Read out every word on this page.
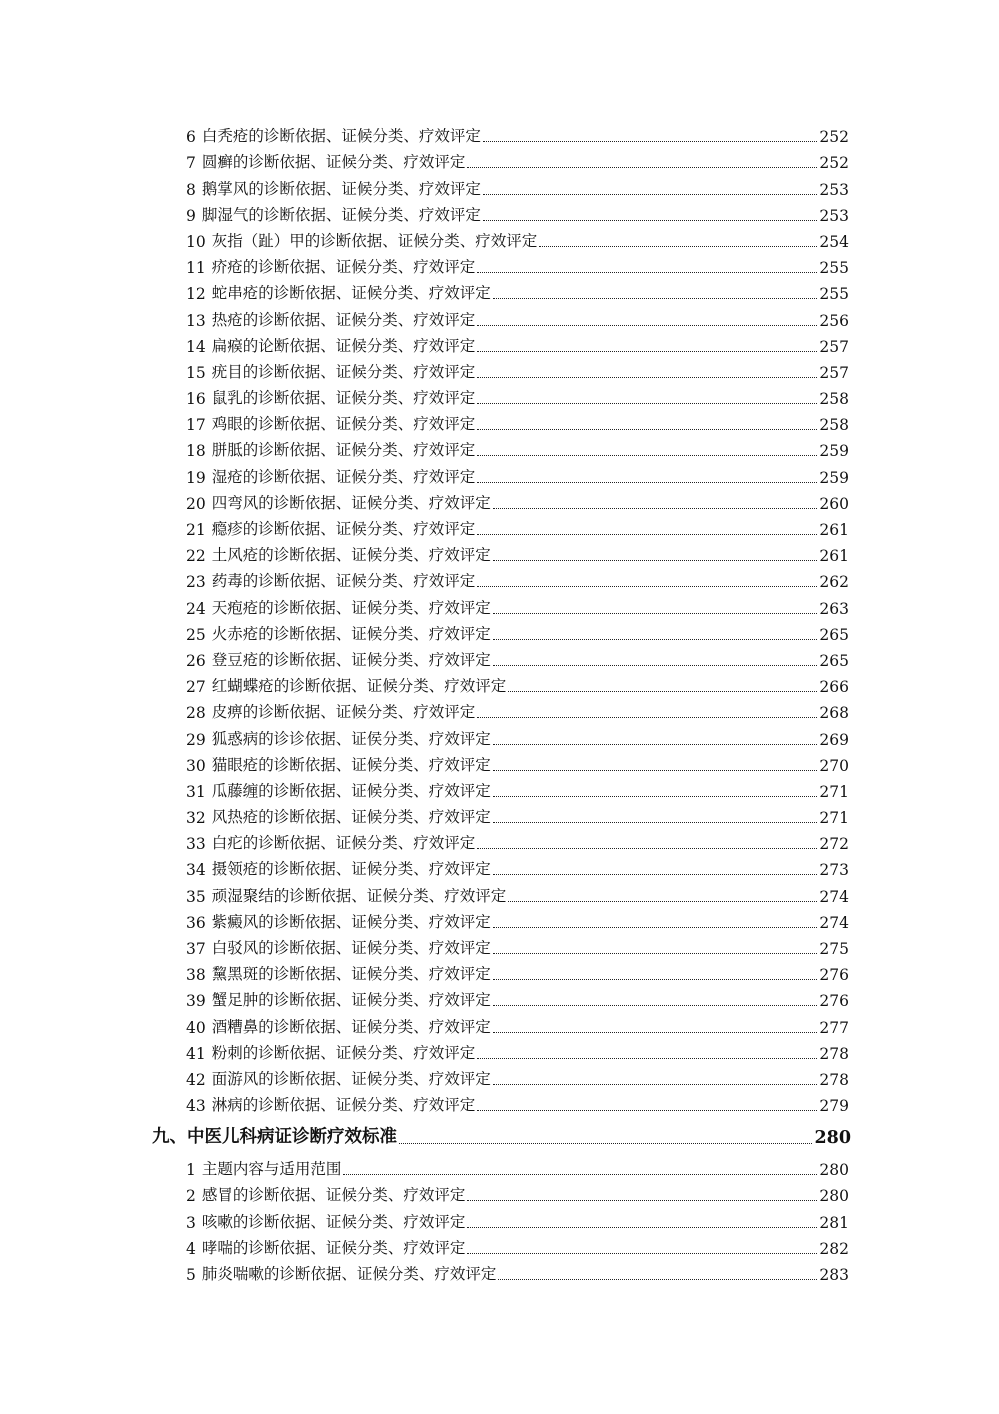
6 白秃疮的诊断依据、证候分类、疗效评定	252
7 圆癣的诊断依据、证候分类、疗效评定	252
8 鹅掌风的诊断依据、证候分类、疗效评定	253
9 脚湿气的诊断依据、证候分类、疗效评定	253
10 灰指（趾）甲的诊断依据、证候分类、疗效评定	254
11 疥疮的诊断依据、证候分类、疗效评定	255
12 蛇串疮的诊断依据、证候分类、疗效评定	255
13 热疮的诊断依据、证候分类、疗效评定	256
14 扁瘊的论断依据、证候分类、疗效评定	257
15 疣目的诊断依据、证候分类、疗效评定	257
16 鼠乳的诊断依据、证候分类、疗效评定	258
17 鸡眼的诊断依据、证候分类、疗效评定	258
18 胼胝的诊断依据、证候分类、疗效评定	259
19 湿疮的诊断依据、证候分类、疗效评定	259
20 四弯风的诊断依据、证候分类、疗效评定	260
21 瘾疹的诊断依据、证候分类、疗效评定	261
22 土风疮的诊断依据、证候分类、疗效评定	261
23 药毒的诊断依据、证候分类、疗效评定	262
24 天疱疮的诊断依据、证候分类、疗效评定	263
25 火赤疮的诊断依据、证候分类、疗效评定	265
26 登豆疮的诊断依据、证候分类、疗效评定	265
27 红蝴蝶疮的诊断依据、证候分类、疗效评定	266
28 皮痹的诊断依据、证候分类、疗效评定	268
29 狐惑病的诊诊依据、证侯分类、疗效评定	269
30 猫眼疮的诊断依据、证候分类、疗效评定	270
31 瓜藤缠的诊断依据、证候分类、疗效评定	271
32 风热疮的诊断依据、证候分类、疗效评定	271
33 白疕的诊断依据、证候分类、疗效评定	272
34 摄领疮的诊断依据、证候分类、疗效评定	273
35 顽湿聚结的诊断依据、证候分类、疗效评定	274
36 紫癜风的诊断依据、证候分类、疗效评定	274
37 白驳风的诊断依据、证候分类、疗效评定	275
38 黧黑斑的诊断依据、证候分类、疗效评定	276
39 蟹足肿的诊断依据、证候分类、疗效评定	276
40 酒糟鼻的诊断依据、证候分类、疗效评定	277
41 粉刺的诊断依据、证候分类、疗效评定	278
42 面游风的诊断依据、证候分类、疗效评定	278
43 淋病的诊断依据、证候分类、疗效评定	279
九、中医儿科病证诊断疗效标准	280
1 主题内容与适用范围	280
2 感冒的诊断依据、证候分类、疗效评定	280
3 咳嗽的诊断依据、证候分类、疗效评定	281
4 哮喘的诊断依据、证候分类、疗效评定	282
5 肺炎喘嗽的诊断依据、证候分类、疗效评定	283
